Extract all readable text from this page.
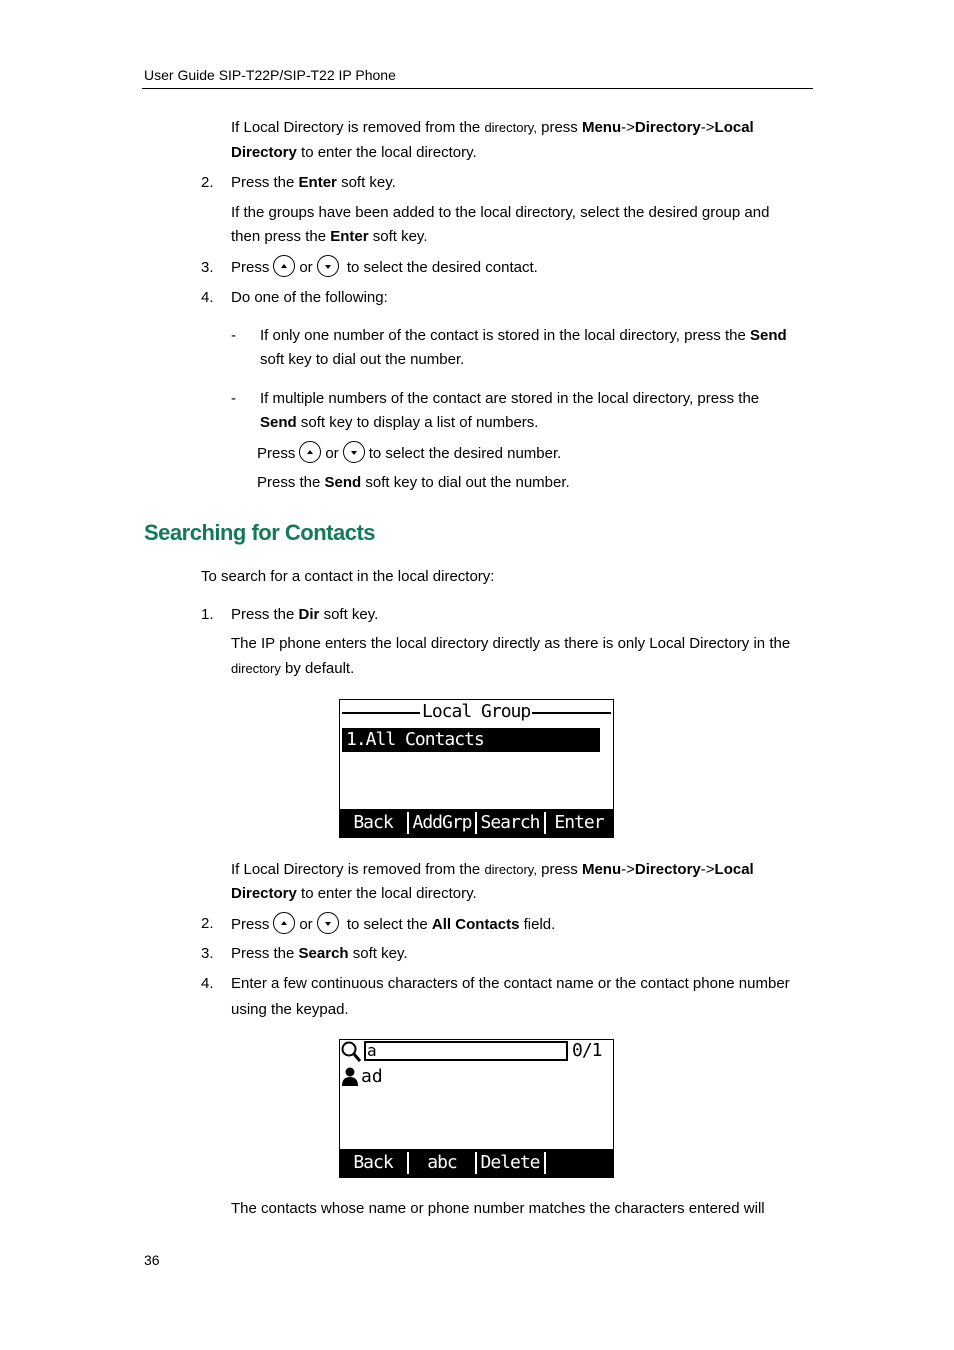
User Guide SIP-T22P/SIP-T22 IP Phone
If Local Directory is removed from the directory, press Menu->Directory->Local
Directory to enter the local directory.
2. Press the Enter soft key.
If the groups have been added to the local directory, select the desired group and
then press the Enter soft key.
3. Press or to select the desired contact.
4. Do one of the following:
- If only one number of the contact is stored in the local directory, press the Send
soft key to dial out the number.
- If multiple numbers of the contact are stored in the local directory, press the
Send soft key to display a list of numbers.
Press or to select the desired number.
Press the Send soft key to dial out the number.
Searching for Contacts
To search for a contact in the local directory:
1. Press the Dir soft key.
The IP phone enters the local directory directly as there is only Local Directory in the
directory by default.
Local Group
1.All Contacts
Back	AddGrp Search Enter
If Local Directory is removed from the directory, press Menu->Directory->Local
Directory to enter the local directory.
2. Press or to select the All Contacts field.
3. Press the Search soft key.
4. Enter a few continuous characters of the contact name or the contact phone number
using the keypad.
a	0/1
ad
Back	abc	Delete
The contacts whose name or phone number matches the characters entered will
36
